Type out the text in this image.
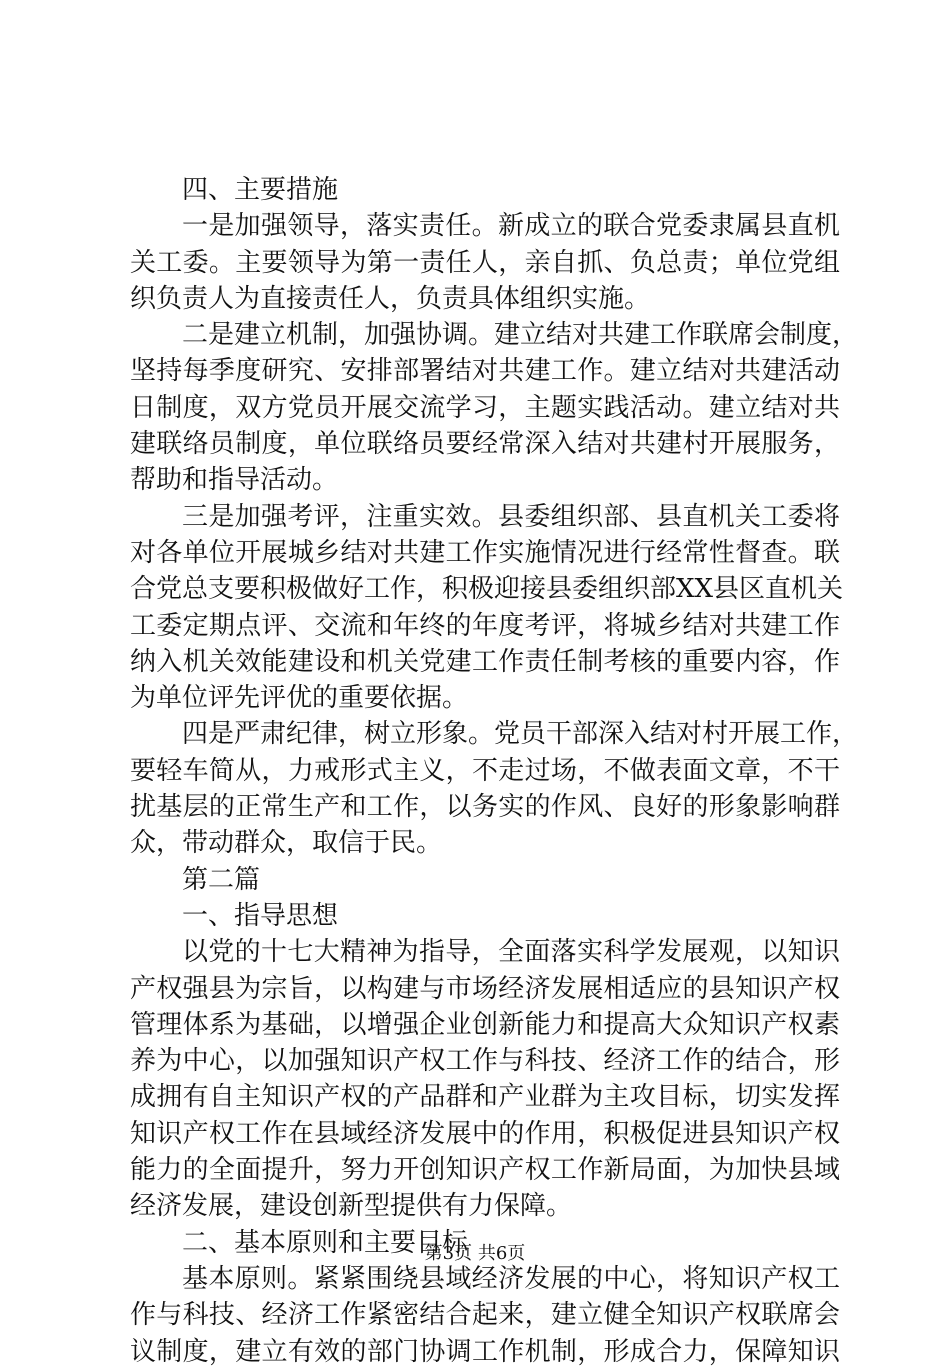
四、主要措施
一是加强领导，落实责任。新成立的联合党委隶属县直机
关工委。主要领导为第一责任人，亲自抓、负总责；单位党组
织负责人为直接责任人，负责具体组织实施。
二是建立机制，加强协调。建立结对共建工作联席会制度，
坚持每季度研究、安排部署结对共建工作。建立结对共建活动
日制度，双方党员开展交流学习，主题实践活动。建立结对共
建联络员制度，单位联络员要经常深入结对共建村开展服务，
帮助和指导活动。
三是加强考评，注重实效。县委组织部、县直机关工委将
对各单位开展城乡结对共建工作实施情况进行经常性督查。联
合党总支要积极做好工作，积极迎接县委组织部XX县区直机关
工委定期点评、交流和年终的年度考评，将城乡结对共建工作
纳入机关效能建设和机关党建工作责任制考核的重要内容，作
为单位评先评优的重要依据。
四是严肃纪律，树立形象。党员干部深入结对村开展工作，
要轻车简从，力戒形式主义，不走过场，不做表面文章，不干
扰基层的正常生产和工作，以务实的作风、良好的形象影响群
众，带动群众，取信于民。
第二篇
一、指导思想
以党的十七大精神为指导，全面落实科学发展观，以知识
产权强县为宗旨，以构建与市场经济发展相适应的县知识产权
管理体系为基础，以增强企业创新能力和提高大众知识产权素
养为中心，以加强知识产权工作与科技、经济工作的结合，形
成拥有自主知识产权的产品群和产业群为主攻目标，切实发挥
知识产权工作在县域经济发展中的作用，积极促进县知识产权
能力的全面提升，努力开创知识产权工作新局面，为加快县域
经济发展，建设创新型提供有力保障。
二、基本原则和主要目标
基本原则。紧紧围绕县域经济发展的中心，将知识产权工
作与科技、经济工作紧密结合起来，建立健全知识产权联席会
议制度，建立有效的部门协调工作机制，形成合力，保障知识
第3页 共6页
